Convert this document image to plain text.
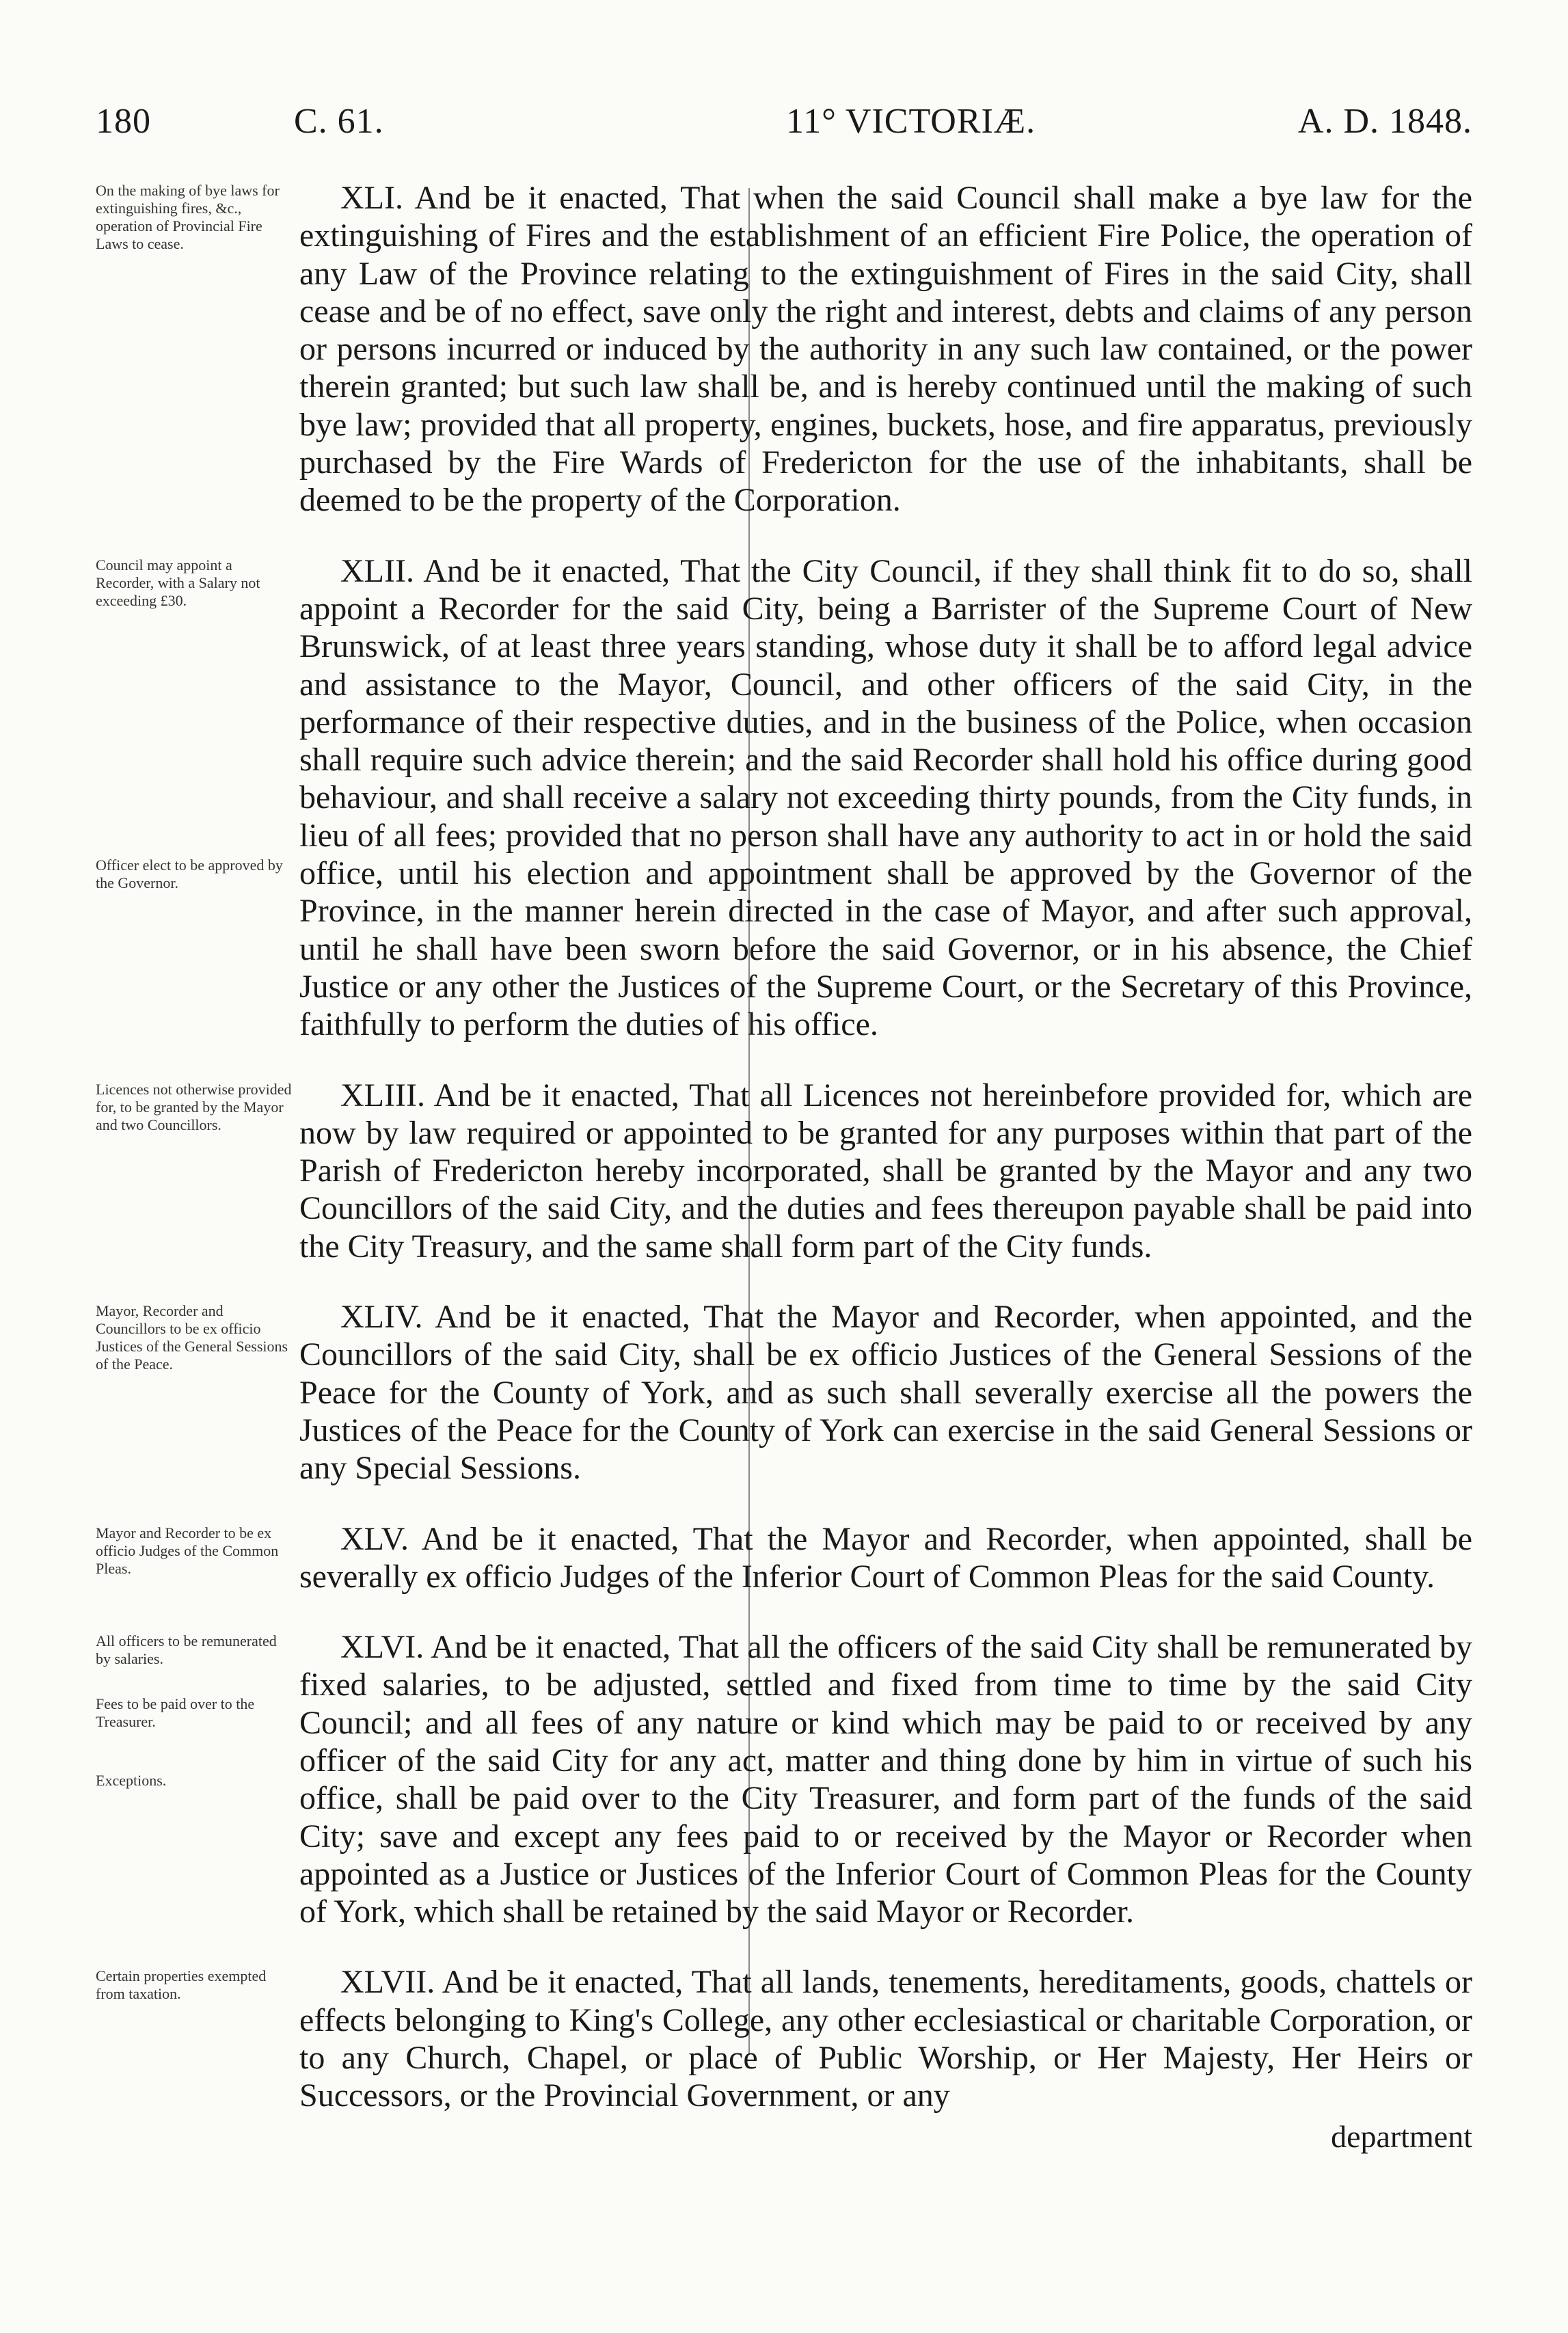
180	C. 61.	11° VICTORIÆ.	A. D. 1848.
On the making of bye laws for extinguishing fires, &c., operation of Provincial Fire Laws to cease.

XLI. And be it enacted, That when the said Council shall make a bye law for the extinguishing of Fires and the establishment of an efficient Fire Police, the operation of any Law of the Province relating to the extinguishment of Fires in the said City, shall cease and be of no effect, save only the right and interest, debts and claims of any person or persons incurred or induced by the authority in any such law contained, or the power therein granted; but such law shall be, and is hereby continued until the making of such bye law; provided that all property, engines, buckets, hose, and fire apparatus, previously purchased by the Fire Wards of Fredericton for the use of the inhabitants, shall be deemed to be the property of the Corporation.

Council may appoint a Recorder, with a Salary not exceeding £30.
Officer elect to be approved by the Governor.

XLII. And be it enacted, That the City Council, if they shall think fit to do so, shall appoint a Recorder for the said City, being a Barrister of the Supreme Court of New Brunswick, of at least three years standing, whose duty it shall be to afford legal advice and assistance to the Mayor, Council, and other officers of the said City, in the performance of their respective duties, and in the business of the Police, when occasion shall require such advice therein; and the said Recorder shall hold his office during good behaviour, and shall receive a salary not exceeding thirty pounds, from the City funds, in lieu of all fees; provided that no person shall have any authority to act in or hold the said office, until his election and appointment shall be approved by the Governor of the Province, in the manner herein directed in the case of Mayor, and after such approval, until he shall have been sworn before the said Governor, or in his absence, the Chief Justice or any other the Justices of the Supreme Court, or the Secretary of this Province, faithfully to perform the duties of his office.

Licences not otherwise provided for, to be granted by the Mayor and two Councillors.

XLIII. And be it enacted, That all Licences not hereinbefore provided for, which are now by law required or appointed to be granted for any purposes within that part of the Parish of Fredericton hereby incorporated, shall be granted by the Mayor and any two Councillors of the said City, and the duties and fees thereupon payable shall be paid into the City Treasury, and the same shall form part of the City funds.

Mayor, Recorder and Councillors to be ex officio Justices of the General Sessions of the Peace.

XLIV. And be it enacted, That the Mayor and Recorder, when appointed, and the Councillors of the said City, shall be ex officio Justices of the General Sessions of the Peace for the County of York, and as such shall severally exercise all the powers the Justices of the Peace for the County of York can exercise in the said General Sessions or any Special Sessions.

Mayor and Recorder to be ex officio Judges of the Common Pleas.

XLV. And be it enacted, That the Mayor and Recorder, when appointed, shall be severally ex officio Judges of the Inferior Court of Common Pleas for the said County.

All officers to be remunerated by salaries.
Fees to be paid over to the Treasurer.
Exceptions.

XLVI. And be it enacted, That all the officers of the said City shall be remunerated by fixed salaries, to be adjusted, settled and fixed from time to time by the said City Council; and all fees of any nature or kind which may be paid to or received by any officer of the said City for any act, matter and thing done by him in virtue of such his office, shall be paid over to the City Treasurer, and form part of the funds of the said City; save and except any fees paid to or received by the Mayor or Recorder when appointed as a Justice or Justices of the Inferior Court of Common Pleas for the County of York, which shall be retained by the said Mayor or Recorder.

Certain properties exempted from taxation.	XLVII. And be it enacted, That all lands, tenements, hereditaments, goods, chattels or effects belonging to King's College, any other ecclesiastical or charitable Corporation, or to any Church, Chapel, or place of Public Worship, or Her Majesty, Her Heirs or Successors, or the Provincial Government, or any

department
